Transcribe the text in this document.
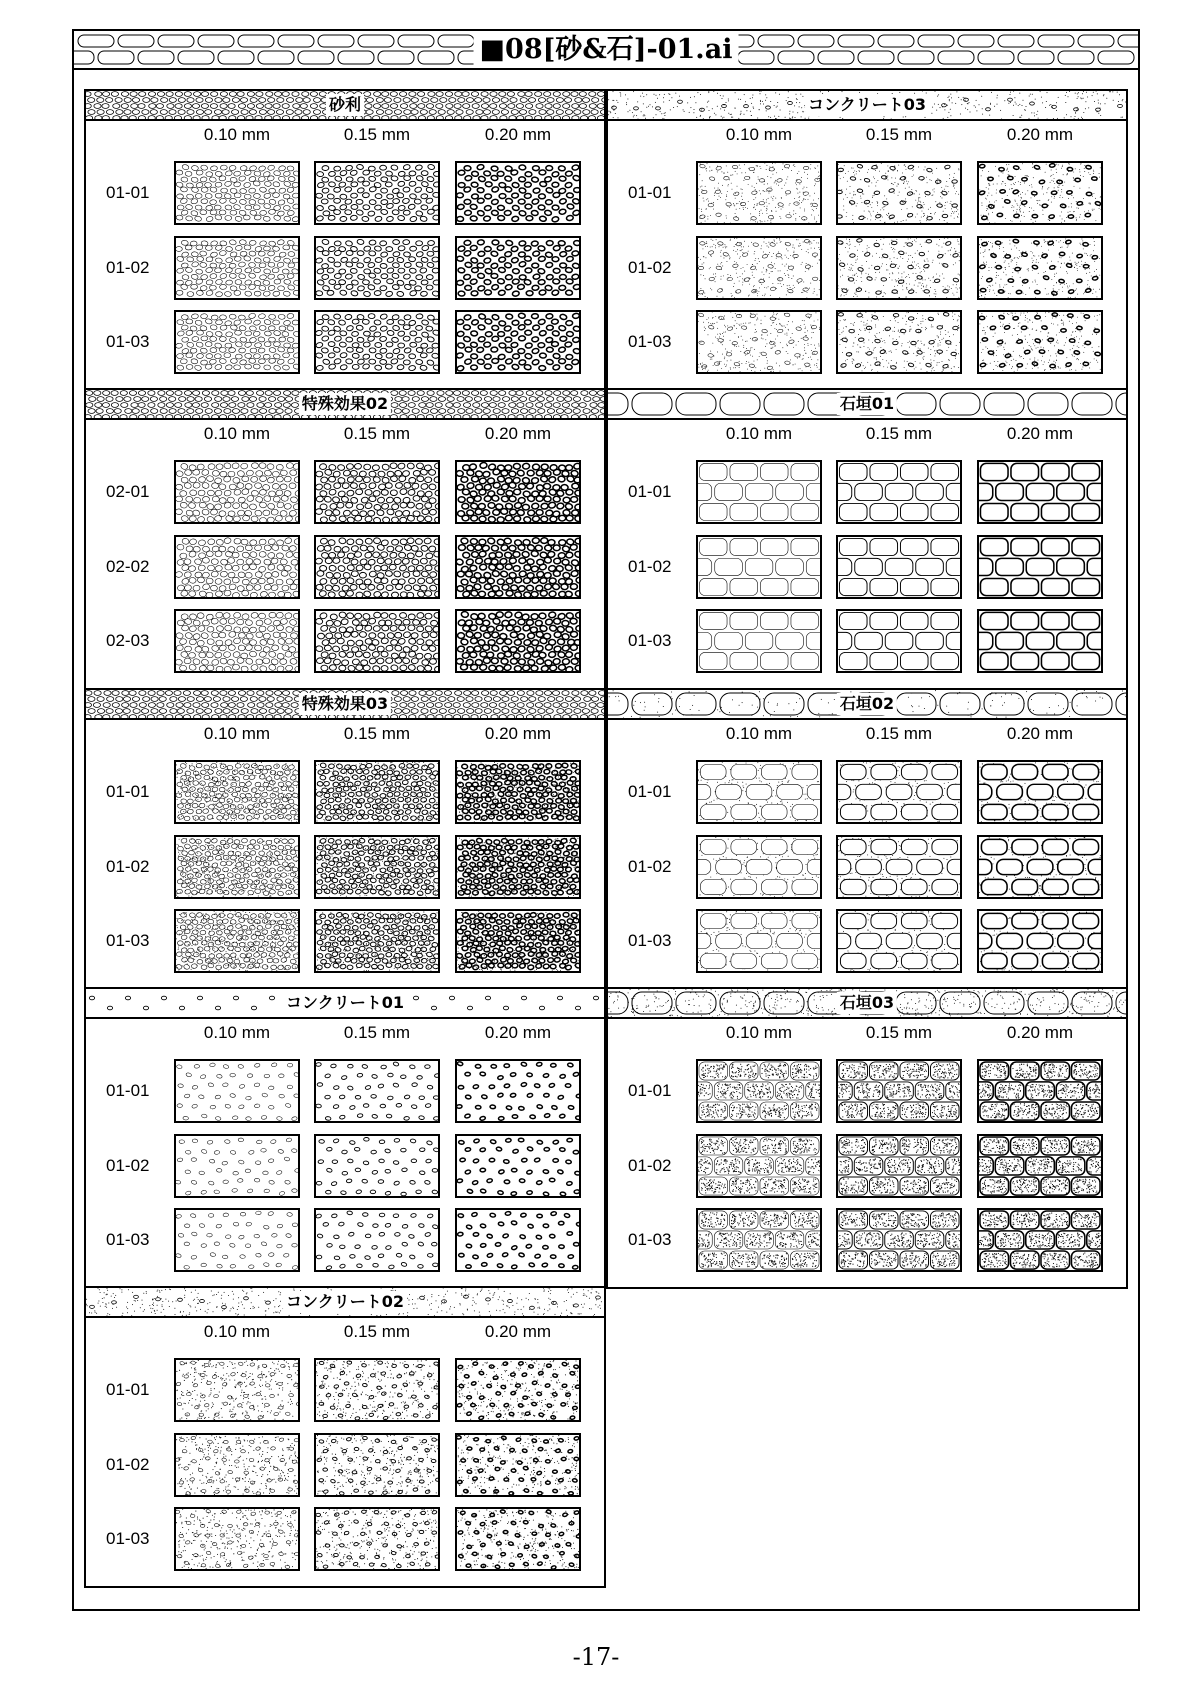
■08[砂&石]-01.ai
砂利
0.10 mm	0.15 mm	0.20 mm
01-01
01-02
01-03
コンクリート03
0.10 mm	0.15 mm	0.20 mm
01-01
01-02
01-03
特殊効果02
0.10 mm	0.15 mm	0.20 mm
02-01
02-02
02-03
石垣01
0.10 mm	0.15 mm	0.20 mm
01-01
01-02
01-03
特殊効果03
0.10 mm	0.15 mm	0.20 mm
01-01
01-02
01-03
石垣02
0.10 mm	0.15 mm	0.20 mm
01-01
01-02
01-03
コンクリート01
0.10 mm	0.15 mm	0.20 mm
01-01
01-02
01-03
石垣03
0.10 mm	0.15 mm	0.20 mm
01-01
01-02
01-03
コンクリート02
0.10 mm	0.15 mm	0.20 mm
01-01
01-02
01-03
-17-
